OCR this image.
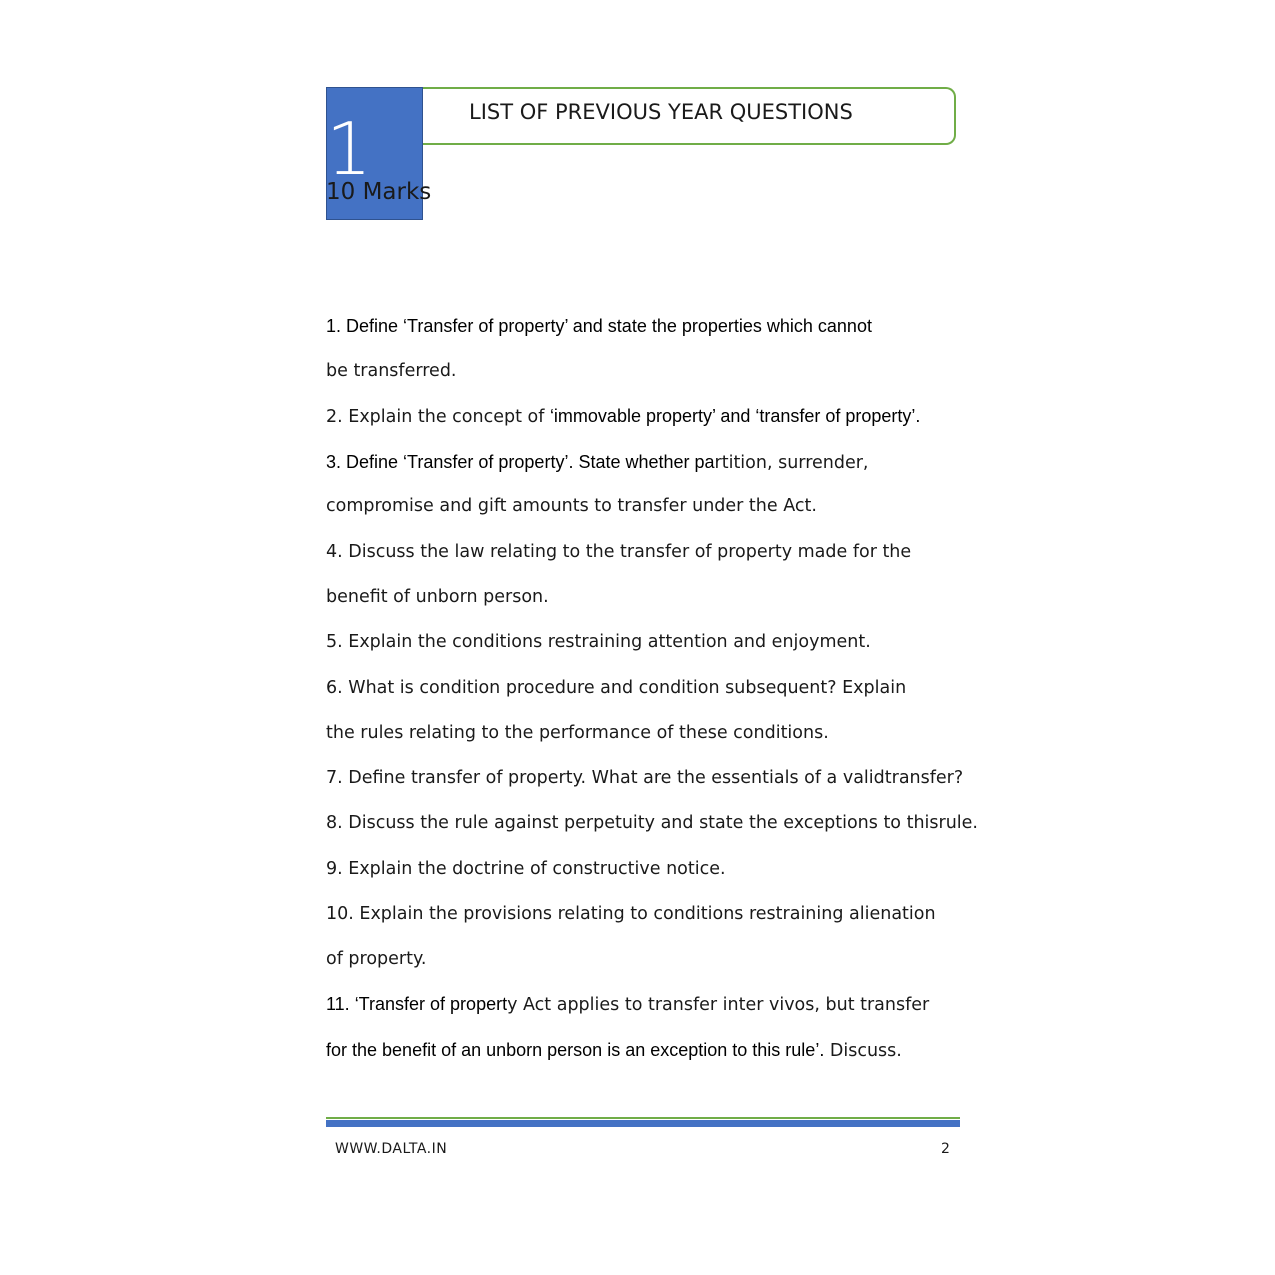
1
10 Marks
LIST OF PREVIOUS YEAR QUESTIONS
1. Define ‘Transfer of property’ and state the properties which cannot
be transferred.
2. Explain the concept of ‘immovable property’ and ‘transfer of property’.
3. Define ‘Transfer of property’. State whether partition, surrender,
compromise and gift amounts to transfer under the Act.
4. Discuss the law relating to the transfer of property made for the
benefit of unborn person.
5. Explain the conditions restraining attention and enjoyment.
6. What is condition procedure and condition subsequent? Explain
the rules relating to the performance of these conditions.
7. Define transfer of property. What are the essentials of a validtransfer?
8. Discuss the rule against perpetuity and state the exceptions to thisrule.
9. Explain the doctrine of constructive notice.
10. Explain the provisions relating to conditions restraining alienation
of property.
11. ‘Transfer of property Act applies to transfer inter vivos, but transfer
for the benefit of an unborn person is an exception to this rule’. Discuss.
WWW.DALTA.IN	2
